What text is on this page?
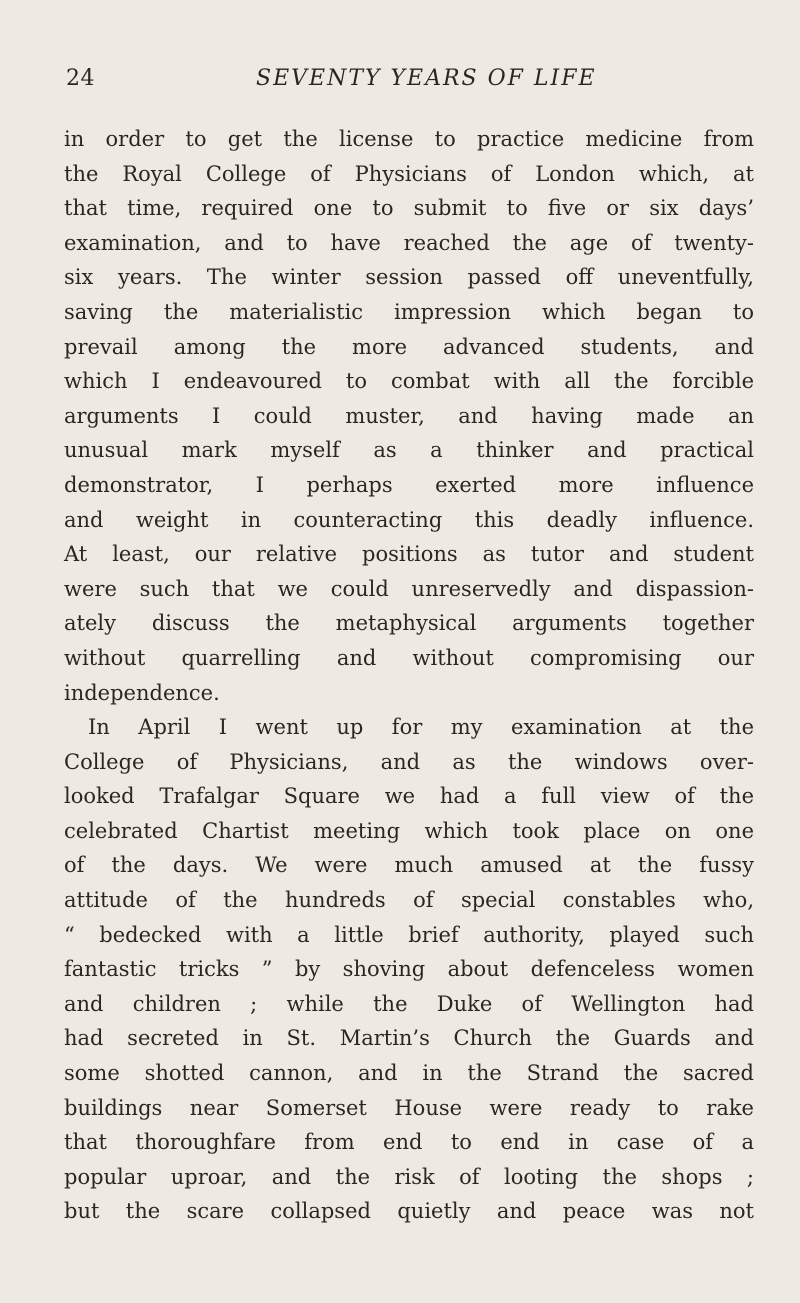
24	SEVENTY YEARS OF LIFE
in order to get the license to practice medicine from
the Royal College of Physicians of London which, at
that time, required one to submit to five or six days’
examination, and to have reached the age of twenty-
six years. The winter session passed off uneventfully,
saving the materialistic impression which began to
prevail among the more advanced students, and
which I endeavoured to combat with all the forcible
arguments I could muster, and having made an
unusual mark myself as a thinker and practical
demonstrator, I perhaps exerted more influence
and weight in counteracting this deadly influence.
At least, our relative positions as tutor and student
were such that we could unreservedly and dispassion-
ately discuss the metaphysical arguments together
without quarrelling and without compromising our
independence.
In April I went up for my examination at the
College of Physicians, and as the windows over-
looked Trafalgar Square we had a full view of the
celebrated Chartist meeting which took place on one
of the days. We were much amused at the fussy
attitude of the hundreds of special constables who,
“ bedecked with a little brief authority, played such
fantastic tricks ” by shoving about defenceless women
and children ; while the Duke of Wellington had
had secreted in St. Martin’s Church the Guards and
some shotted cannon, and in the Strand the sacred
buildings near Somerset House were ready to rake
that thoroughfare from end to end in case of a
popular uproar, and the risk of looting the shops ;
but the scare collapsed quietly and peace was not
